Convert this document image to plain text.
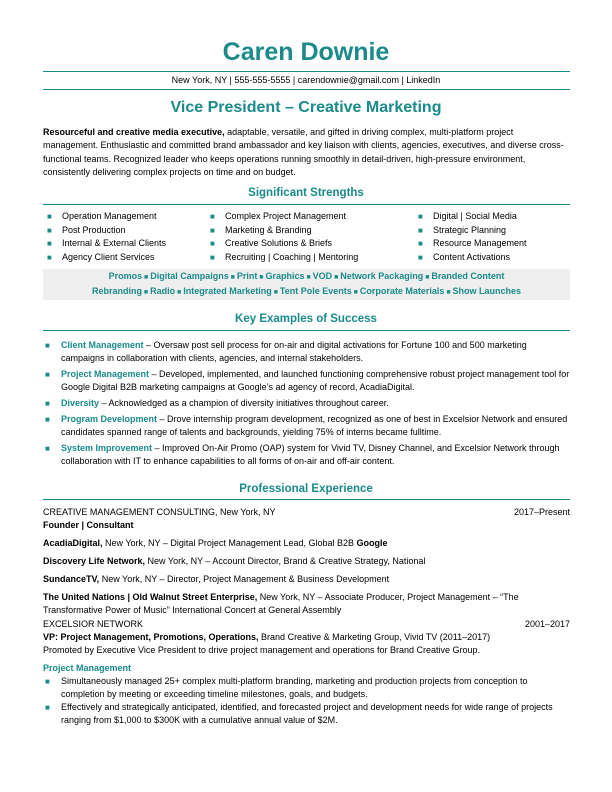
Caren Downie
New York, NY | 555-555-5555 | carendownie@gmail.com | LinkedIn
Vice President – Creative Marketing
Resourceful and creative media executive, adaptable, versatile, and gifted in driving complex, multi-platform project management. Enthusiastic and committed brand ambassador and key liaison with clients, agencies, executives, and diverse cross-functional teams. Recognized leader who keeps operations running smoothly in detail-driven, high-pressure environment, consistently delivering complex projects on time and on budget.
Significant Strengths
■ Operation Management
■ Post Production
■ Internal & External Clients
■ Agency Client Services
■ Complex Project Management
■ Marketing & Branding
■ Creative Solutions & Briefs
■ Recruiting | Coaching | Mentoring
■ Digital | Social Media
■ Strategic Planning
■ Resource Management
■ Content Activations
Promos ■ Digital Campaigns ■ Print ■ Graphics ■ VOD ■ Network Packaging ■ Branded Content
Rebranding ■ Radio ■ Integrated Marketing ■ Tent Pole Events ■ Corporate Materials ■ Show Launches
Key Examples of Success
■ Client Management – Oversaw post sell process for on-air and digital activations for Fortune 100 and 500 marketing campaigns in collaboration with clients, agencies, and internal stakeholders.
■ Project Management – Developed, implemented, and launched functioning comprehensive robust project management tool for Google Digital B2B marketing campaigns at Google’s ad agency of record, AcadiaDigital.
■ Diversity – Acknowledged as a champion of diversity initiatives throughout career.
■ Program Development – Drove internship program development, recognized as one of best in Excelsior Network and ensured candidates spanned range of talents and backgrounds, yielding 75% of interns became fulltime.
■ System Improvement – Improved On-Air Promo (OAP) system for Vivid TV, Disney Channel, and Excelsior Network through collaboration with IT to enhance capabilities to all forms of on-air and off-air content.
Professional Experience
CREATIVE MANAGEMENT CONSULTING, New York, NY	2017–Present
Founder | Consultant
AcadiaDigital, New York, NY – Digital Project Management Lead, Global B2B Google
Discovery Life Network, New York, NY – Account Director, Brand & Creative Strategy, National
SundanceTV, New York, NY – Director, Project Management & Business Development
The United Nations | Old Walnut Street Enterprise, New York, NY – Associate Producer, Project Management – “The Transformative Power of Music” International Concert at General Assembly
EXCELSIOR NETWORK	2001–2017
VP: Project Management, Promotions, Operations, Brand Creative & Marketing Group, Vivid TV (2011–2017)
Promoted by Executive Vice President to drive project management and operations for Brand Creative Group.
Project Management
■ Simultaneously managed 25+ complex multi-platform branding, marketing and production projects from conception to completion by meeting or exceeding timeline milestones, goals, and budgets.
■ Effectively and strategically anticipated, identified, and forecasted project and development needs for wide range of projects ranging from $1,000 to $300K with a cumulative annual value of $2M.
